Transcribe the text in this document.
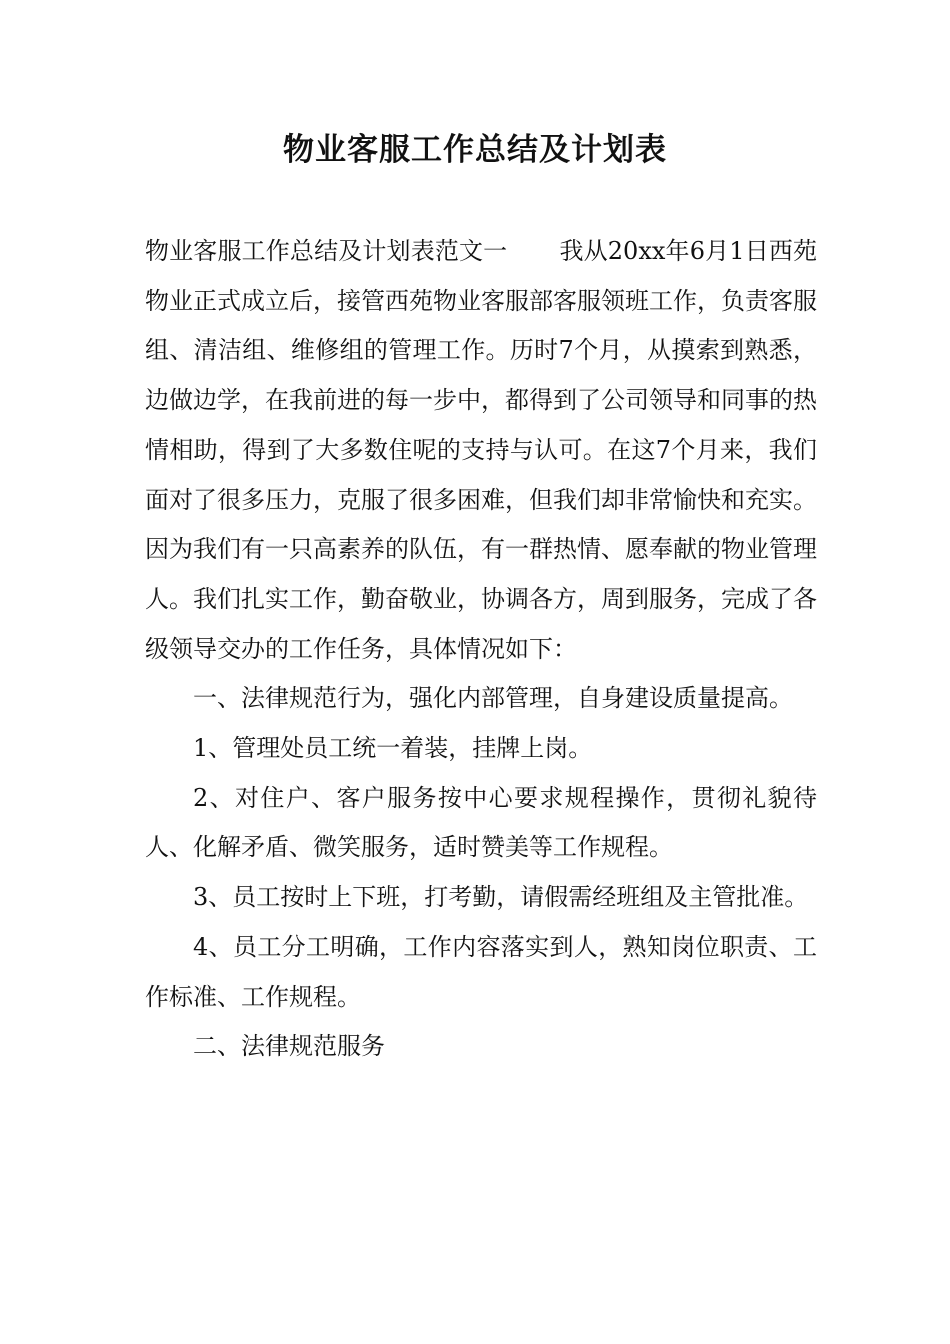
物业客服工作总结及计划表

物业客服工作总结及计划表范文一 我从20xx年6月1日西苑物业正式成立后，接管西苑物业客服部客服领班工作，负责客服组、清洁组、维修组的管理工作。历时7个月，从摸索到熟悉，边做边学，在我前进的每一步中，都得到了公司领导和同事的热情相助，得到了大多数住呢的支持与认可。在这7个月来，我们面对了很多压力，克服了很多困难，但我们却非常愉快和充实。因为我们有一只高素养的队伍，有一群热情、愿奉献的物业管理人。我们扎实工作，勤奋敬业，协调各方，周到服务，完成了各级领导交办的工作任务，具体情况如下：

一、法律规范行为，强化内部管理，自身建设质量提高。

1、管理处员工统一着装，挂牌上岗。

2、对住户、客户服务按中心要求规程操作，贯彻礼貌待人、化解矛盾、微笑服务，适时赞美等工作规程。

3、员工按时上下班，打考勤，请假需经班组及主管批准。

4、员工分工明确，工作内容落实到人，熟知岗位职责、工作标准、工作规程。

二、法律规范服务
